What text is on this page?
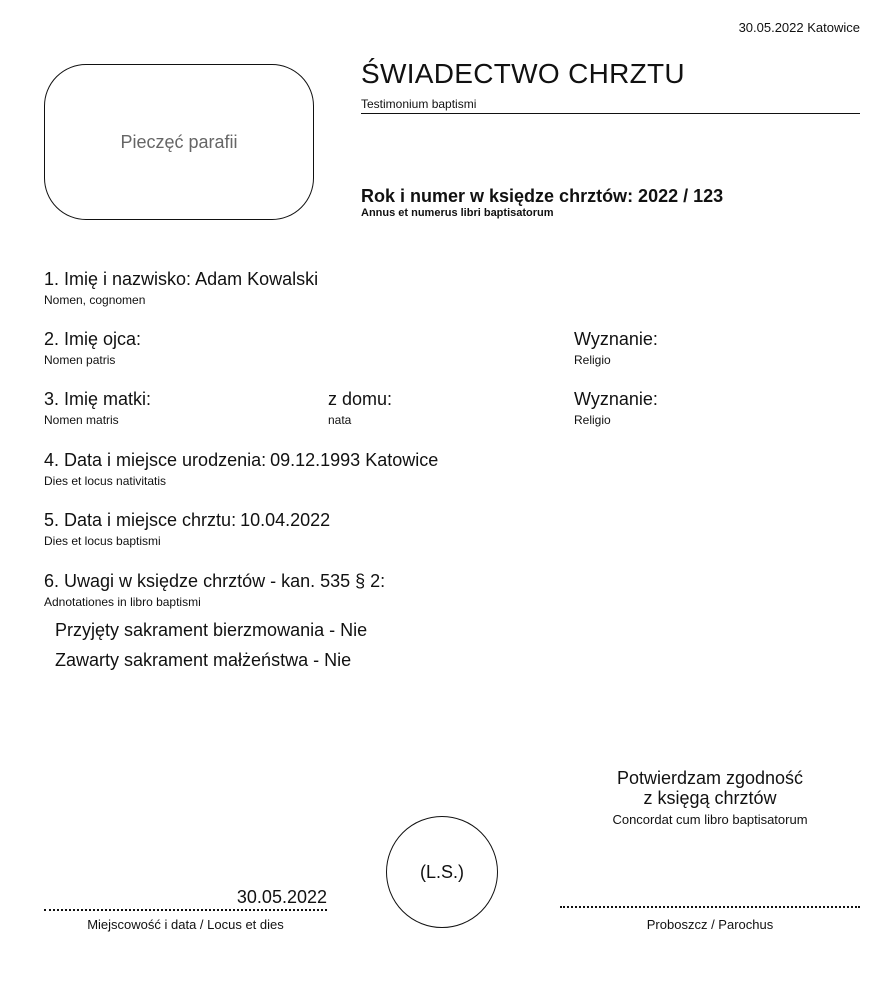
30.05.2022 Katowice
Pieczęć parafii
ŚWIADECTWO CHRZTU
Testimonium baptismi
Rok i numer w księdze chrztów: 2022 / 123
Annus et numerus libri baptisatorum
1. Imię i nazwisko: Adam Kowalski
Nomen, cognomen
2. Imię ojca:
Nomen patris
Wyznanie:
Religio
3. Imię matki:
Nomen matris
z domu:
nata
Wyznanie:
Religio
4. Data i miejsce urodzenia: 09.12.1993 Katowice
Dies et locus nativitatis
5. Data i miejsce chrztu: 10.04.2022
Dies et locus baptismi
6. Uwagi w księdze chrztów - kan. 535 § 2:
Adnotationes in libro baptismi
Przyjęty sakrament bierzmowania - Nie
Zawarty sakrament małżeństwa - Nie
Potwierdzam zgodność
z księgą chrztów
Concordat cum libro baptisatorum
(L.S.)
30.05.2022
Miejscowość i data / Locus et dies	Proboszcz / Parochus
